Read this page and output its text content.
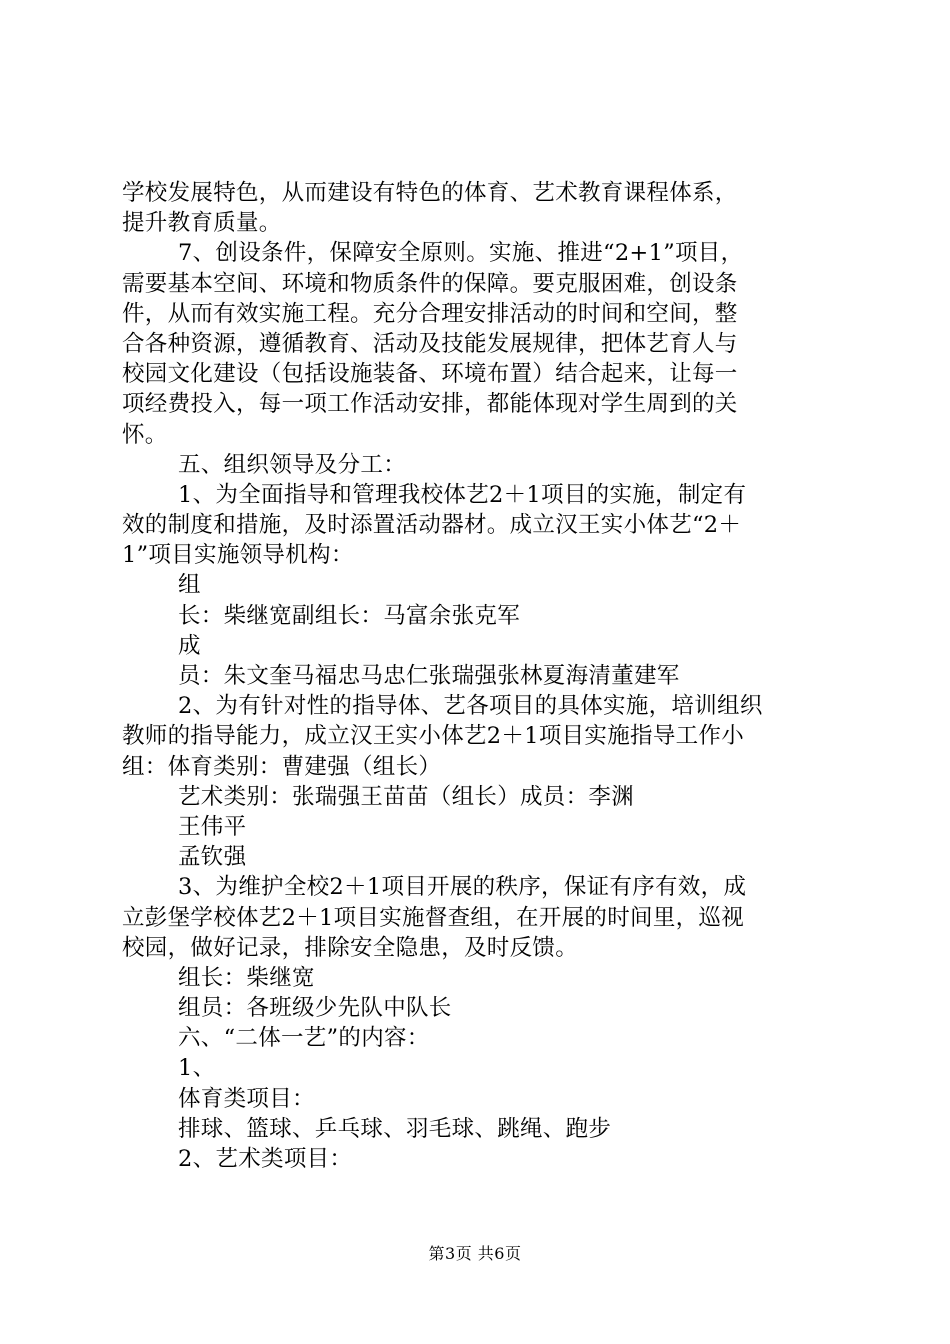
学校发展特色，从而建设有特色的体育、艺术教育课程体系，
提升教育质量。
7、创设条件，保障安全原则。实施、推进“2+1”项目，
需要基本空间、环境和物质条件的保障。要克服困难，创设条
件，从而有效实施工程。充分合理安排活动的时间和空间，整
合各种资源，遵循教育、活动及技能发展规律，把体艺育人与
校园文化建设（包括设施装备、环境布置）结合起来，让每一
项经费投入，每一项工作活动安排，都能体现对学生周到的关
怀。
五、组织领导及分工：
1、为全面指导和管理我校体艺2＋1项目的实施，制定有
效的制度和措施，及时添置活动器材。成立汉王实小体艺“2＋
1”项目实施领导机构：
组
长：柴继宽副组长：马富余张克军
成
员：朱文奎马福忠马忠仁张瑞强张林夏海清董建军
2、为有针对性的指导体、艺各项目的具体实施，培训组织
教师的指导能力，成立汉王实小体艺2＋1项目实施指导工作小
组：体育类别：曹建强（组长）
艺术类别：张瑞强王苗苗（组长）成员：李渊
王伟平
孟钦强
3、为维护全校2＋1项目开展的秩序，保证有序有效，成
立彭堡学校体艺2＋1项目实施督查组，在开展的时间里，巡视
校园，做好记录，排除安全隐患，及时反馈。
组长：柴继宽
组员：各班级少先队中队长
六、“二体一艺”的内容：
1、
体育类项目：
排球、篮球、乒乓球、羽毛球、跳绳、跑步
2、艺术类项目：
第3页 共6页
